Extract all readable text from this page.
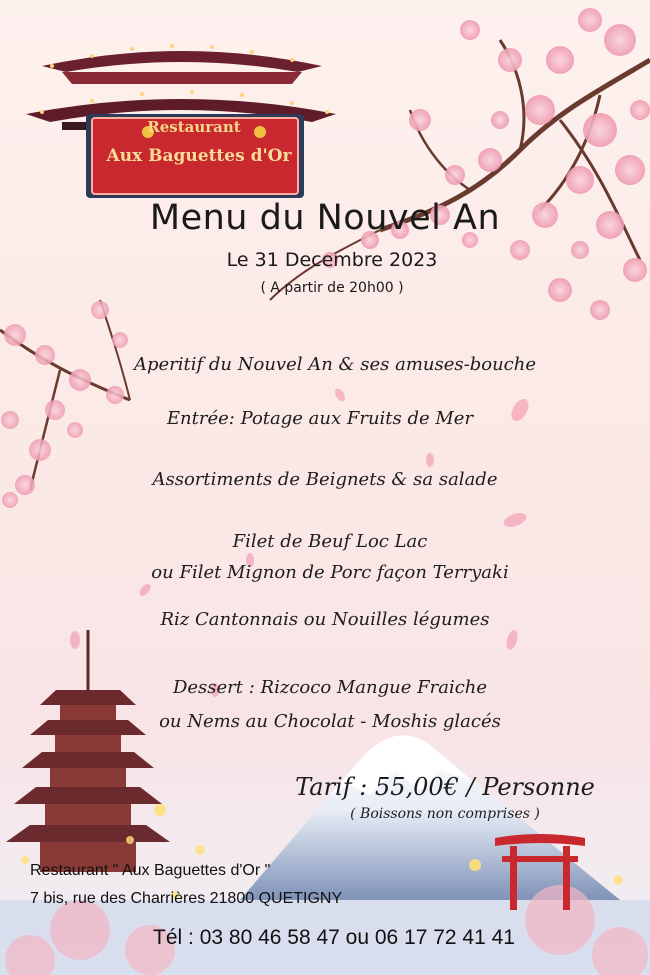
Restaurant
Aux Baguettes d'Or
Menu du Nouvel An
Le 31 Decembre 2023
( A partir de 20h00 )
Aperitif du Nouvel An & ses amuses-bouche
Entrée: Potage aux Fruits de Mer
Assortiments de Beignets & sa salade
Filet de Beuf Loc Lac
ou Filet Mignon de Porc façon Terryaki
Riz Cantonnais ou Nouilles légumes
Dessert : Rizcoco Mangue Fraiche
ou Nems au Chocolat - Moshis glacés
Tarif : 55,00€ / Personne
( Boissons non comprises )
Restaurant " Aux Baguettes d'Or "
7 bis, rue des Charrières 21800 QUETIGNY
Tél : 03 80 46 58 47 ou 06 17 72 41 41
